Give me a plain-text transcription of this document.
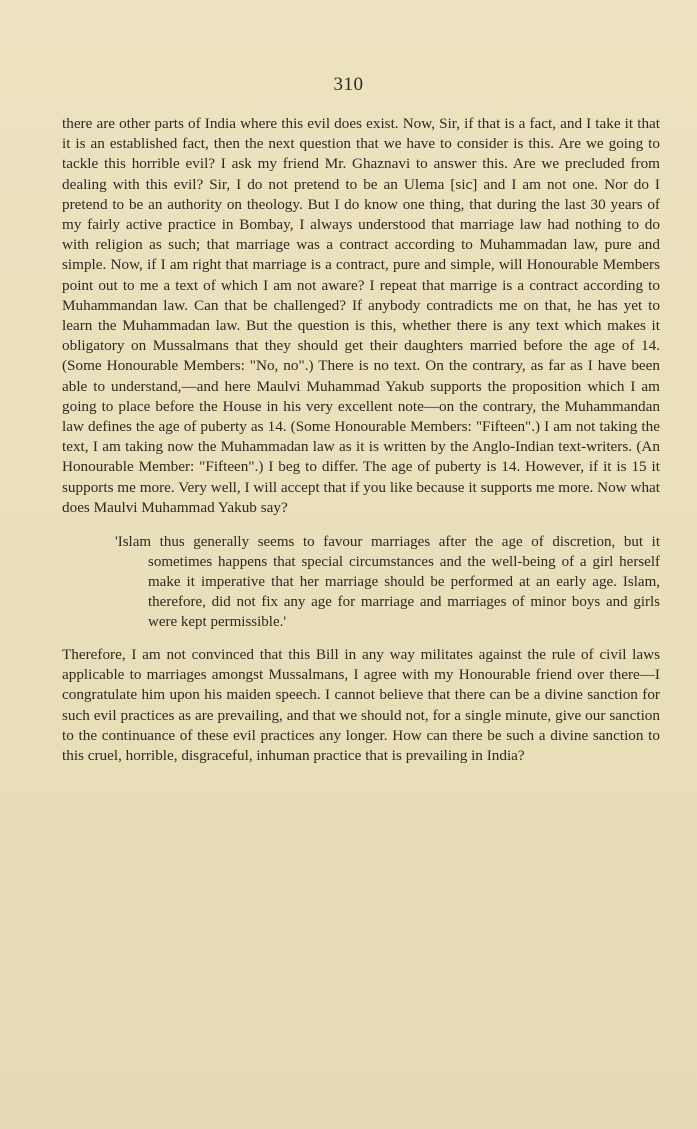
310

there are other parts of India where this evil does exist. Now, Sir, if that is a fact, and I take it that it is an established fact, then the next question that we have to consider is this. Are we going to tackle this horrible evil? I ask my friend Mr. Ghaznavi to answer this. Are we precluded from dealing with this evil? Sir, I do not pretend to be an Ulema [sic] and I am not one. Nor do I pretend to be an authority on theology. But I do know one thing, that during the last 30 years of my fairly active practice in Bombay, I always understood that marriage law had nothing to do with religion as such; that marriage was a contract according to Muhammadan law, pure and simple. Now, if I am right that marriage is a contract, pure and simple, will Honourable Members point out to me a text of which I am not aware? I repeat that marrige is a contract according to Muhammandan law. Can that be challenged? If anybody contradicts me on that, he has yet to learn the Muhammadan law. But the question is this, whether there is any text which makes it obligatory on Mussalmans that they should get their daughters married before the age of 14. (Some Honourable Members: "No, no".) There is no text. On the contrary, as far as I have been able to understand,—and here Maulvi Muhammad Yakub supports the proposition which I am going to place before the House in his very excellent note—on the contrary, the Muhammandan law defines the age of puberty as 14. (Some Honourable Members: "Fifteen".) I am not taking the text, I am taking now the Muhammadan law as it is written by the Anglo-Indian text-writers. (An Honourable Member: "Fifteen".) I beg to differ. The age of puberty is 14. However, if it is 15 it supports me more. Very well, I will accept that if you like because it supports me more. Now what does Maulvi Muhammad Yakub say?

'Islam thus generally seems to favour marriages after the age of discretion, but it sometimes happens that special circumstances and the well-being of a girl herself make it imperative that her marriage should be performed at an early age. Islam, therefore, did not fix any age for marriage and marriages of minor boys and girls were kept permissible.'

Therefore, I am not convinced that this Bill in any way militates against the rule of civil laws applicable to marriages amongst Mussalmans, I agree with my Honourable friend over there—I congratulate him upon his maiden speech. I cannot believe that there can be a divine sanction for such evil practices as are prevailing, and that we should not, for a single minute, give our sanction to the continuance of these evil practices any longer. How can there be such a divine sanction to this cruel, horrible, disgraceful, inhuman practice that is prevailing in India?
